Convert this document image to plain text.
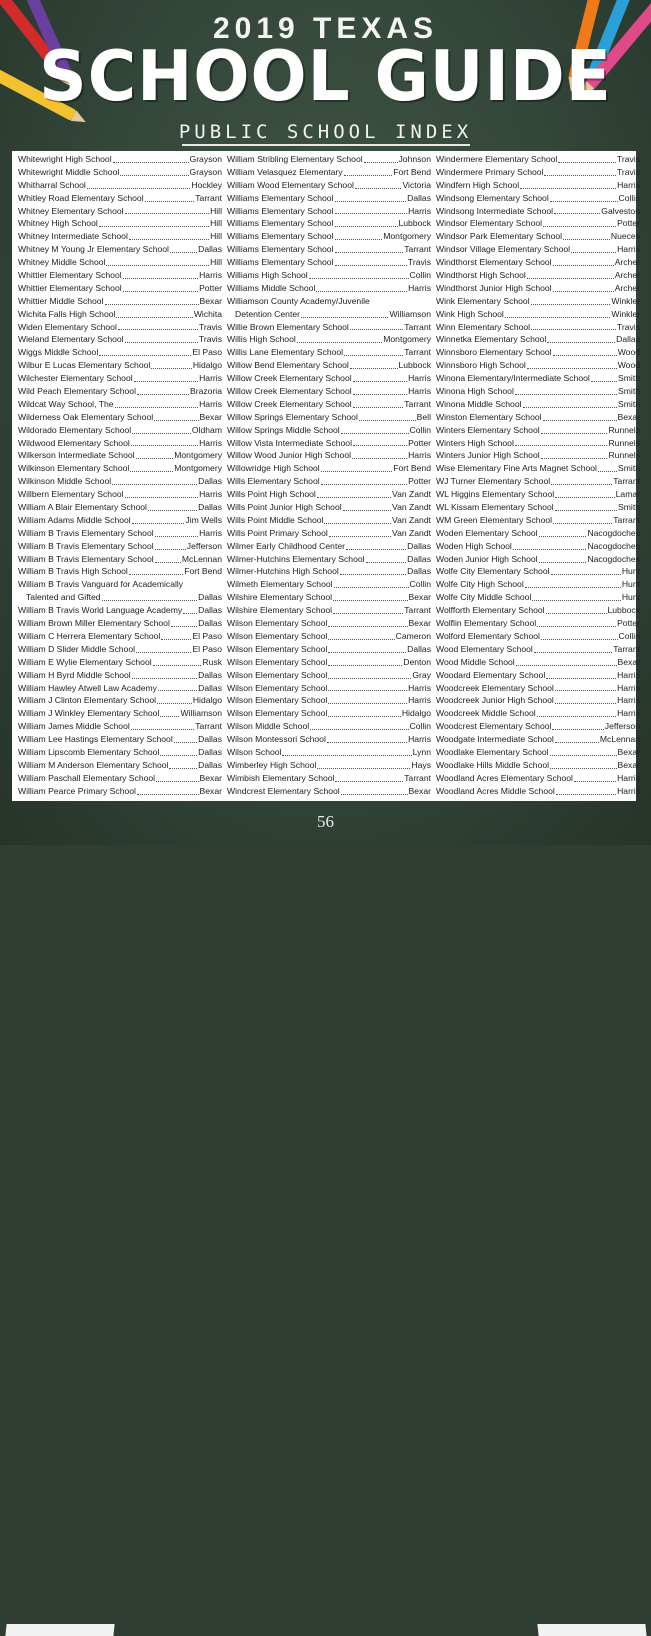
2019 TEXAS
SCHOOL GUIDE
PUBLIC SCHOOL INDEX
Whitewright High School	Grayson
Whitewright Middle School	Grayson
Whitharral School	Hockley
Whitley Road Elementary School	Tarrant
Whitney Elementary School	Hill
Whitney High School	Hill
Whitney Intermediate School	Hill
Whitney M Young Jr Elementary School	Dallas
Whitney Middle School	Hill
Whittier Elementary School	Harris
Whittier Elementary School	Potter
Whittier Middle School	Bexar
Wichita Falls High School	Wichita
Widen Elementary School	Travis
Wieland Elementary School	Travis
Wiggs Middle School	El Paso
Wilbur E Lucas Elementary School	Hidalgo
Wilchester Elementary School	Harris
Wild Peach Elementary School	Brazoria
Wildcat Way School, The	Harris
Wilderness Oak Elementary School	Bexar
Wildorado Elementary School	Oldham
Wildwood Elementary School	Harris
Wilkerson Intermediate School	Montgomery
Wilkinson Elementary School	Montgomery
Wilkinson Middle School	Dallas
Willbern Elementary School	Harris
William A Blair Elementary School	Dallas
William Adams Middle School	Jim Wells
William B Travis Elementary School	Harris
William B Travis Elementary School	Jefferson
William B Travis Elementary School	McLennan
William B Travis High School	Fort Bend
William B Travis Vanguard for Academically
Talented and Gifted	Dallas
William B Travis World Language Academy Dallas
William Brown Miller Elementary School	Dallas
William C Herrera Elementary School	El Paso
William D Slider Middle School	El Paso
William E Wylie Elementary School	Rusk
William H Byrd Middle School	Dallas
William Hawley Atwell Law Academy	Dallas
William J Clinton Elementary School	Hidalgo
William J Winkley Elementary School Williamson
William James Middle School	Tarrant
William Lee Hastings Elementary School	Dallas
William Lipscomb Elementary School	Dallas
William M Anderson Elementary School	Dallas
William Paschall Elementary School	Bexar
William Pearce Primary School	Bexar
William Stribling Elementary School	Johnson
William Velasquez Elementary	Fort Bend
William Wood Elementary School	Victoria
Williams Elementary School	Dallas
Williams Elementary School	Harris
Williams Elementary School	Lubbock
Williams Elementary School	Montgomery
Williams Elementary School	Tarrant
Williams Elementary School	Travis
Williams High School	Collin
Williams Middle School	Harris
Williamson County Academy/Juvenile
Detention Center	Williamson
Willie Brown Elementary School	Tarrant
Willis High School	Montgomery
Willis Lane Elementary School	Tarrant
Willow Bend Elementary School	Lubbock
Willow Creek Elementary School	Harris
Willow Creek Elementary School	Harris
Willow Creek Elementary School	Tarrant
Willow Springs Elementary School	Bell
Willow Springs Middle School	Collin
Willow Vista Intermediate School	Potter
Willow Wood Junior High School	Harris
Willowridge High School	Fort Bend
Wills Elementary School	Potter
Wills Point High School	Van Zandt
Wills Point Junior High School	Van Zandt
Wills Point Middle School	Van Zandt
Wills Point Primary School	Van Zandt
Wilmer Early Childhood Center	Dallas
Wilmer-Hutchins Elementary School	Dallas
Wilmer-Hutchins High School	Dallas
Wilmeth Elementary School	Collin
Wilshire Elementary School	Bexar
Wilshire Elementary School	Tarrant
Wilson Elementary School	Bexar
Wilson Elementary School	Cameron
Wilson Elementary School	Dallas
Wilson Elementary School	Denton
Wilson Elementary School	Gray
Wilson Elementary School	Harris
Wilson Elementary School	Harris
Wilson Elementary School	Hidalgo
Wilson Middle School	Collin
Wilson Montessori School	Harris
Wilson School	Lynn
Wimberley High School	Hays
Wimbish Elementary School	Tarrant
Windcrest Elementary School	Bexar
Windermere Elementary School	Travis
Windermere Primary School	Travis
Windfern High School	Harris
Windsong Elementary School	Collin
Windsong Intermediate School	Galveston
Windsor Elementary School	Potter
Windsor Park Elementary School	Nueces
Windsor Village Elementary School	Harris
Windthorst Elementary School	Archer
Windthorst High School	Archer
Windthorst Junior High School	Archer
Wink Elementary School	Winkler
Wink High School	Winkler
Winn Elementary School	Travis
Winnetka Elementary School	Dallas
Winnsboro Elementary School	Wood
Winnsboro High School	Wood
Winona Elementary/Intermediate School	Smith
Winona High School	Smith
Winona Middle School	Smith
Winston Elementary School	Bexar
Winters Elementary School	Runnels
Winters High School	Runnels
Winters Junior High School	Runnels
Wise Elementary Fine Arts Magnet School Smith
WJ Turner Elementary School	Tarrant
WL Higgins Elementary School	Lamar
WL Kissam Elementary School	Smith
WM Green Elementary School	Tarrant
Woden Elementary School	Nacogdoches
Woden High School	Nacogdoches
Woden Junior High School	Nacogdoches
Wolfe City Elementary School	Hunt
Wolfe City High School	Hunt
Wolfe City Middle School	Hunt
Wolfforth Elementary School	Lubbock
Wolflin Elementary School	Potter
Wolford Elementary School	Collin
Wood Elementary School	Tarrant
Wood Middle School	Bexar
Woodard Elementary School	Harris
Woodcreek Elementary School	Harris
Woodcreek Junior High School	Harris
Woodcreek Middle School	Harris
Woodcrest Elementary School	Jefferson
Woodgate Intermediate School	McLennan
Woodlake Elementary School	Bexar
Woodlake Hills Middle School	Bexar
Woodland Acres Elementary School	Harris
Woodland Acres Middle School	Harris
56
